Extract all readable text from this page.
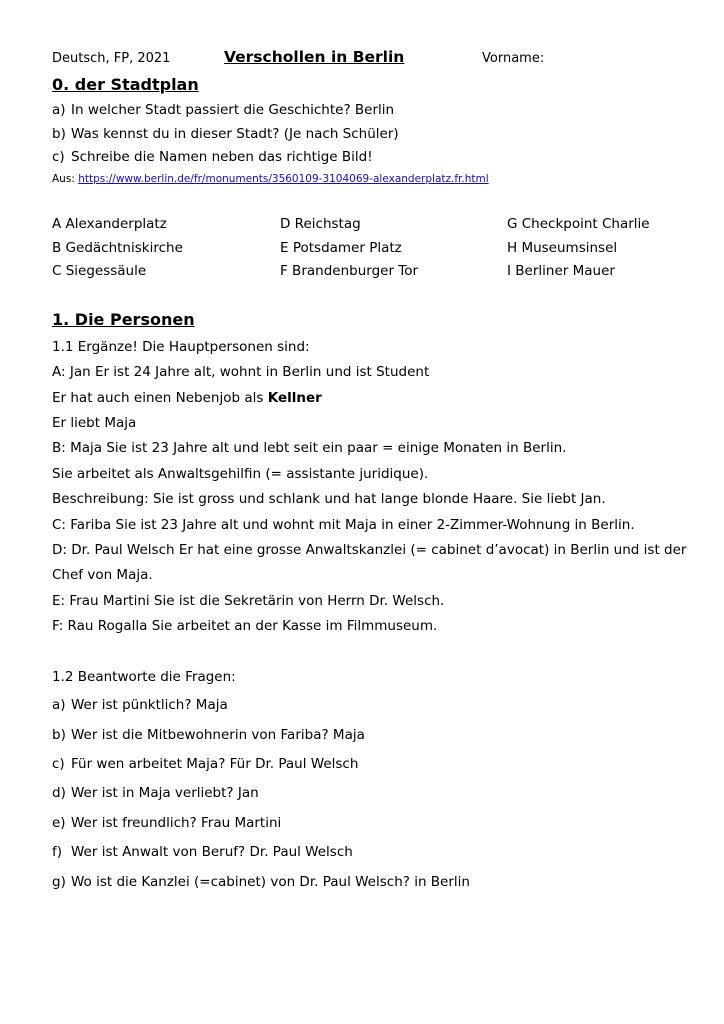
Deutsch, FP, 2021	Verschollen in Berlin	Vorname:
0. der Stadtplan
a) In welcher Stadt passiert die Geschichte? Berlin
b) Was kennst du in dieser Stadt? (Je nach Schüler)
c) Schreibe die Namen neben das richtige Bild!
Aus: https://www.berlin.de/fr/monuments/3560109-3104069-alexanderplatz.fr.html
A Alexanderplatz	D Reichstag	G Checkpoint Charlie
B Gedächtniskirche	E Potsdamer Platz	H Museumsinsel
C Siegessäule	F Brandenburger Tor	I Berliner Mauer
1. Die Personen
1.1 Ergänze! Die Hauptpersonen sind:
A: Jan Er ist 24 Jahre alt, wohnt in Berlin und ist Student
Er hat auch einen Nebenjob als Kellner
Er liebt Maja
B: Maja Sie ist 23 Jahre alt und lebt seit ein paar = einige Monaten in Berlin.
Sie arbeitet als Anwaltsgehilfin (= assistante juridique).
Beschreibung: Sie ist gross und schlank und hat lange blonde Haare. Sie liebt Jan.
C: Fariba Sie ist 23 Jahre alt und wohnt mit Maja in einer 2-Zimmer-Wohnung in Berlin.
D: Dr. Paul Welsch Er hat eine grosse Anwaltskanzlei (= cabinet d’avocat) in Berlin und ist der
Chef von Maja.
E: Frau Martini Sie ist die Sekretärin von Herrn Dr. Welsch.
F: Rau Rogalla Sie arbeitet an der Kasse im Filmmuseum.
1.2 Beantworte die Fragen:
a) Wer ist pünktlich? Maja
b) Wer ist die Mitbewohnerin von Fariba? Maja
c) Für wen arbeitet Maja? Für Dr. Paul Welsch
d) Wer ist in Maja verliebt? Jan
e) Wer ist freundlich? Frau Martini
f) Wer ist Anwalt von Beruf? Dr. Paul Welsch
g) Wo ist die Kanzlei (=cabinet) von Dr. Paul Welsch? in Berlin
